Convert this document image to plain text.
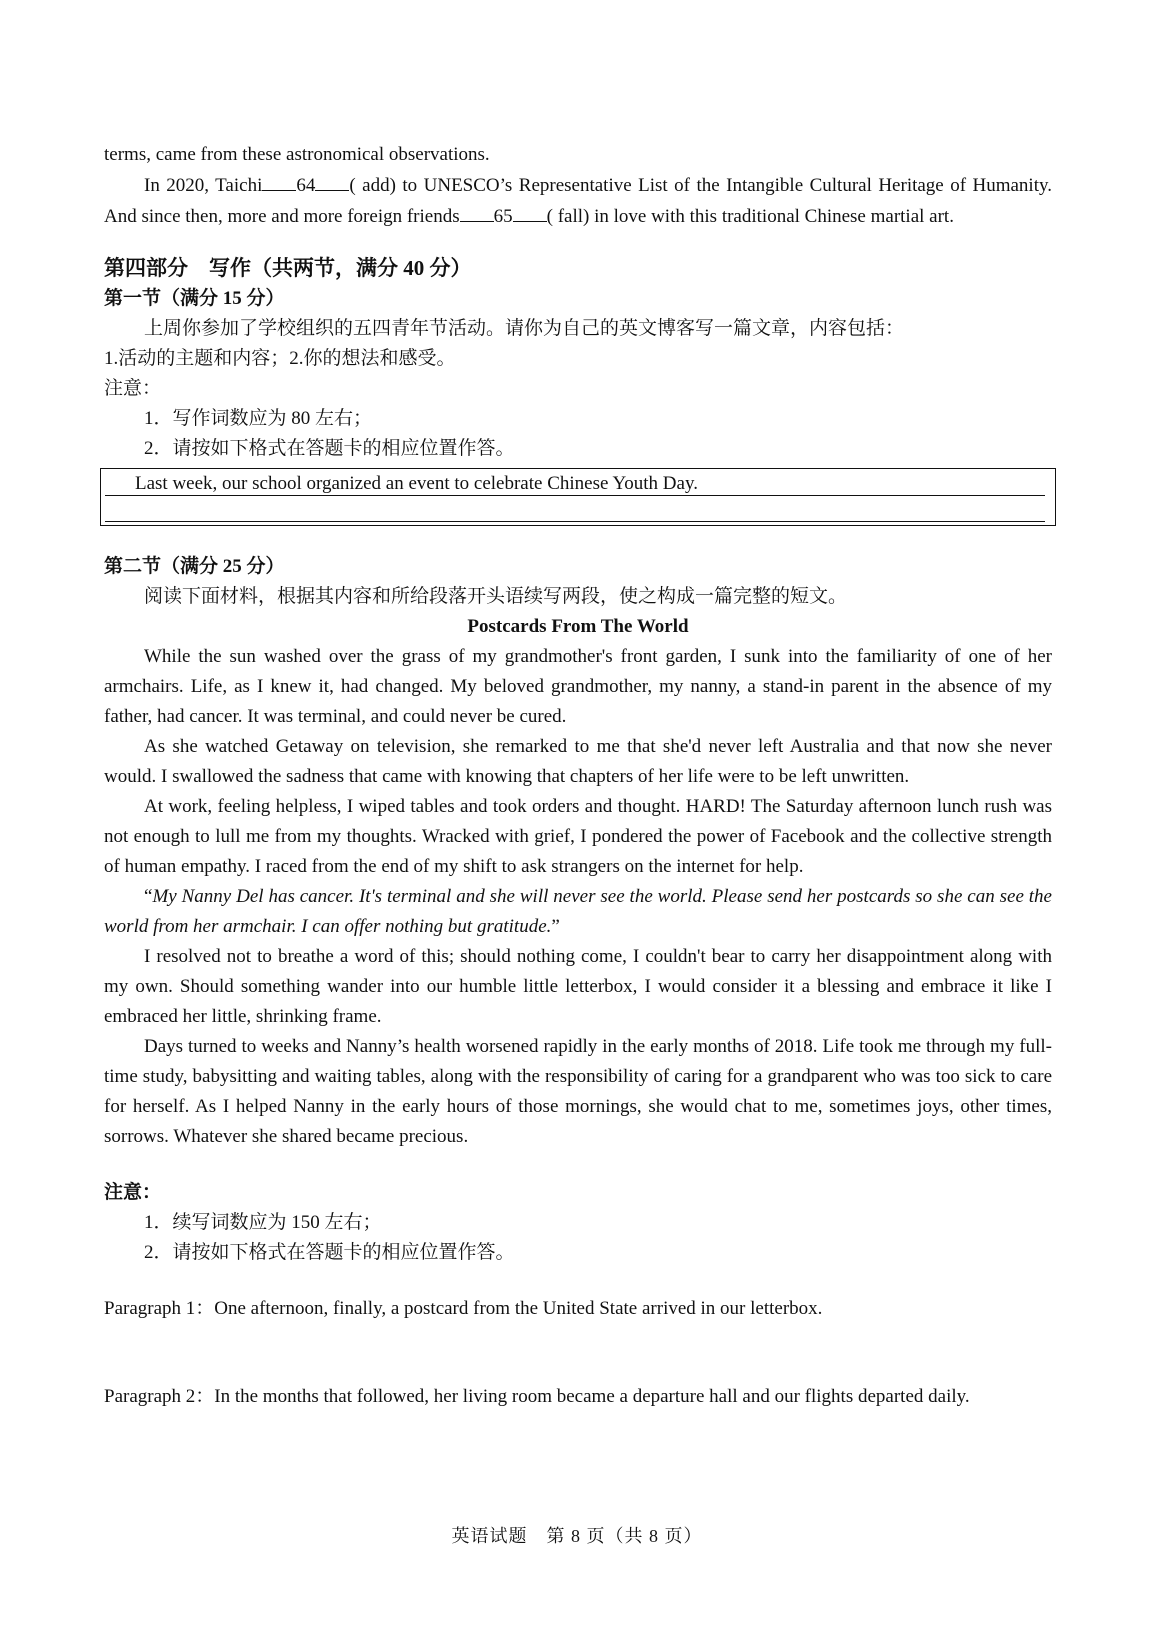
terms, came from these astronomical observations.

In 2020, Taichi 64 ( add) to UNESCO’s Representative List of the Intangible Cultural Heritage of Humanity. And since then, more and more foreign friends 65 ( fall) in love with this traditional Chinese martial art.

第四部分　写作（共两节，满分 40 分）
第一节（满分 15 分）

上周你参加了学校组织的五四青年节活动。请你为自己的英文博客写一篇文章，内容包括：

1.活动的主题和内容；2.你的想法和感受。

注意：

1．写作词数应为 80 左右；

2．请按如下格式在答题卡的相应位置作答。

Last week, our school organized an event to celebrate Chinese Youth Day.
第二节（满分 25 分）

阅读下面材料，根据其内容和所给段落开头语续写两段，使之构成一篇完整的短文。

Postcards From The World

While the sun washed over the grass of my grandmother's front garden, I sunk into the familiarity of one of her armchairs. Life, as I knew it, had changed. My beloved grandmother, my nanny, a stand-in parent in the absence of my father, had cancer. It was terminal, and could never be cured.

As she watched Getaway on television, she remarked to me that she'd never left Australia and that now she never would. I swallowed the sadness that came with knowing that chapters of her life were to be left unwritten.

At work, feeling helpless, I wiped tables and took orders and thought. HARD! The Saturday afternoon lunch rush was not enough to lull me from my thoughts. Wracked with grief, I pondered the power of Facebook and the collective strength of human empathy. I raced from the end of my shift to ask strangers on the internet for help.

“My Nanny Del has cancer. It's terminal and she will never see the world. Please send her postcards so she can see the world from her armchair. I can offer nothing but gratitude.”

I resolved not to breathe a word of this; should nothing come, I couldn't bear to carry her disappointment along with my own. Should something wander into our humble little letterbox, I would consider it a blessing and embrace it like I embraced her little, shrinking frame.

Days turned to weeks and Nanny’s health worsened rapidly in the early months of 2018. Life took me through my full-time study, babysitting and waiting tables, along with the responsibility of caring for a grandparent who was too sick to care for herself. As I helped Nanny in the early hours of those mornings, she would chat to me, sometimes joys, other times, sorrows. Whatever she shared became precious.

注意：

1．续写词数应为 150 左右；

2．请按如下格式在答题卡的相应位置作答。

Paragraph 1：One afternoon, finally, a postcard from the United State arrived in our letterbox.

Paragraph 2：In the months that followed, her living room became a departure hall and our flights departed daily.

英语试题　第 8 页（共 8 页）
